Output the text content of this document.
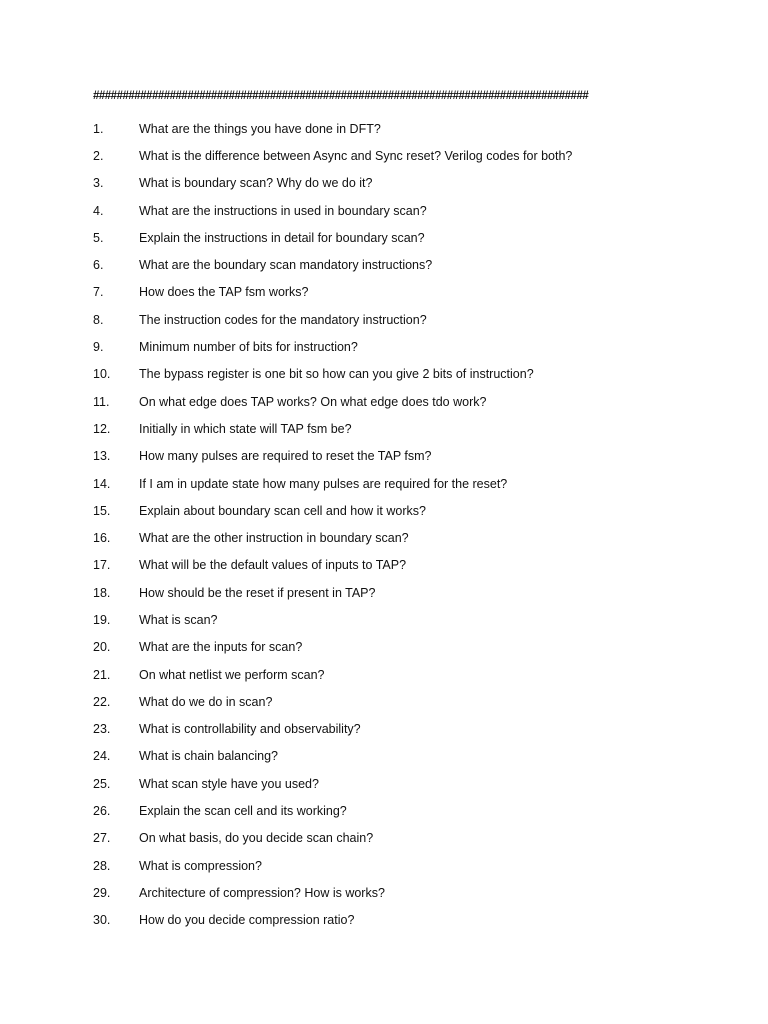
####################################################################################
1.	What are the things you have done in DFT?
2.	What is the difference between Async and Sync reset? Verilog codes for both?
3.	What is boundary scan? Why do we do it?
4.	What are the instructions in used in boundary scan?
5.	Explain the instructions in detail for boundary scan?
6.	What are the boundary scan mandatory instructions?
7.	How does the TAP fsm works?
8.	The instruction codes for the mandatory instruction?
9.	Minimum number of bits for instruction?
10.	The bypass register is one bit so how can you give 2 bits of instruction?
11.	On what edge does TAP works? On what edge does tdo work?
12.	Initially in which state will TAP fsm be?
13.	How many pulses are required to reset the TAP fsm?
14.	If I am in update state how many pulses are required for the reset?
15.	Explain about boundary scan cell and how it works?
16.	What are the other instruction in boundary scan?
17.	What will be the default values of inputs to TAP?
18.	How should be the reset if present in TAP?
19.	What is scan?
20.	What are the inputs for scan?
21.	On what netlist we perform scan?
22.	What do we do in scan?
23.	What is controllability and observability?
24.	What is chain balancing?
25.	What scan style have you used?
26.	Explain the scan cell and its working?
27.	On what basis, do you decide scan chain?
28.	What is compression?
29.	Architecture of compression? How is works?
30.	How do you decide compression ratio?
